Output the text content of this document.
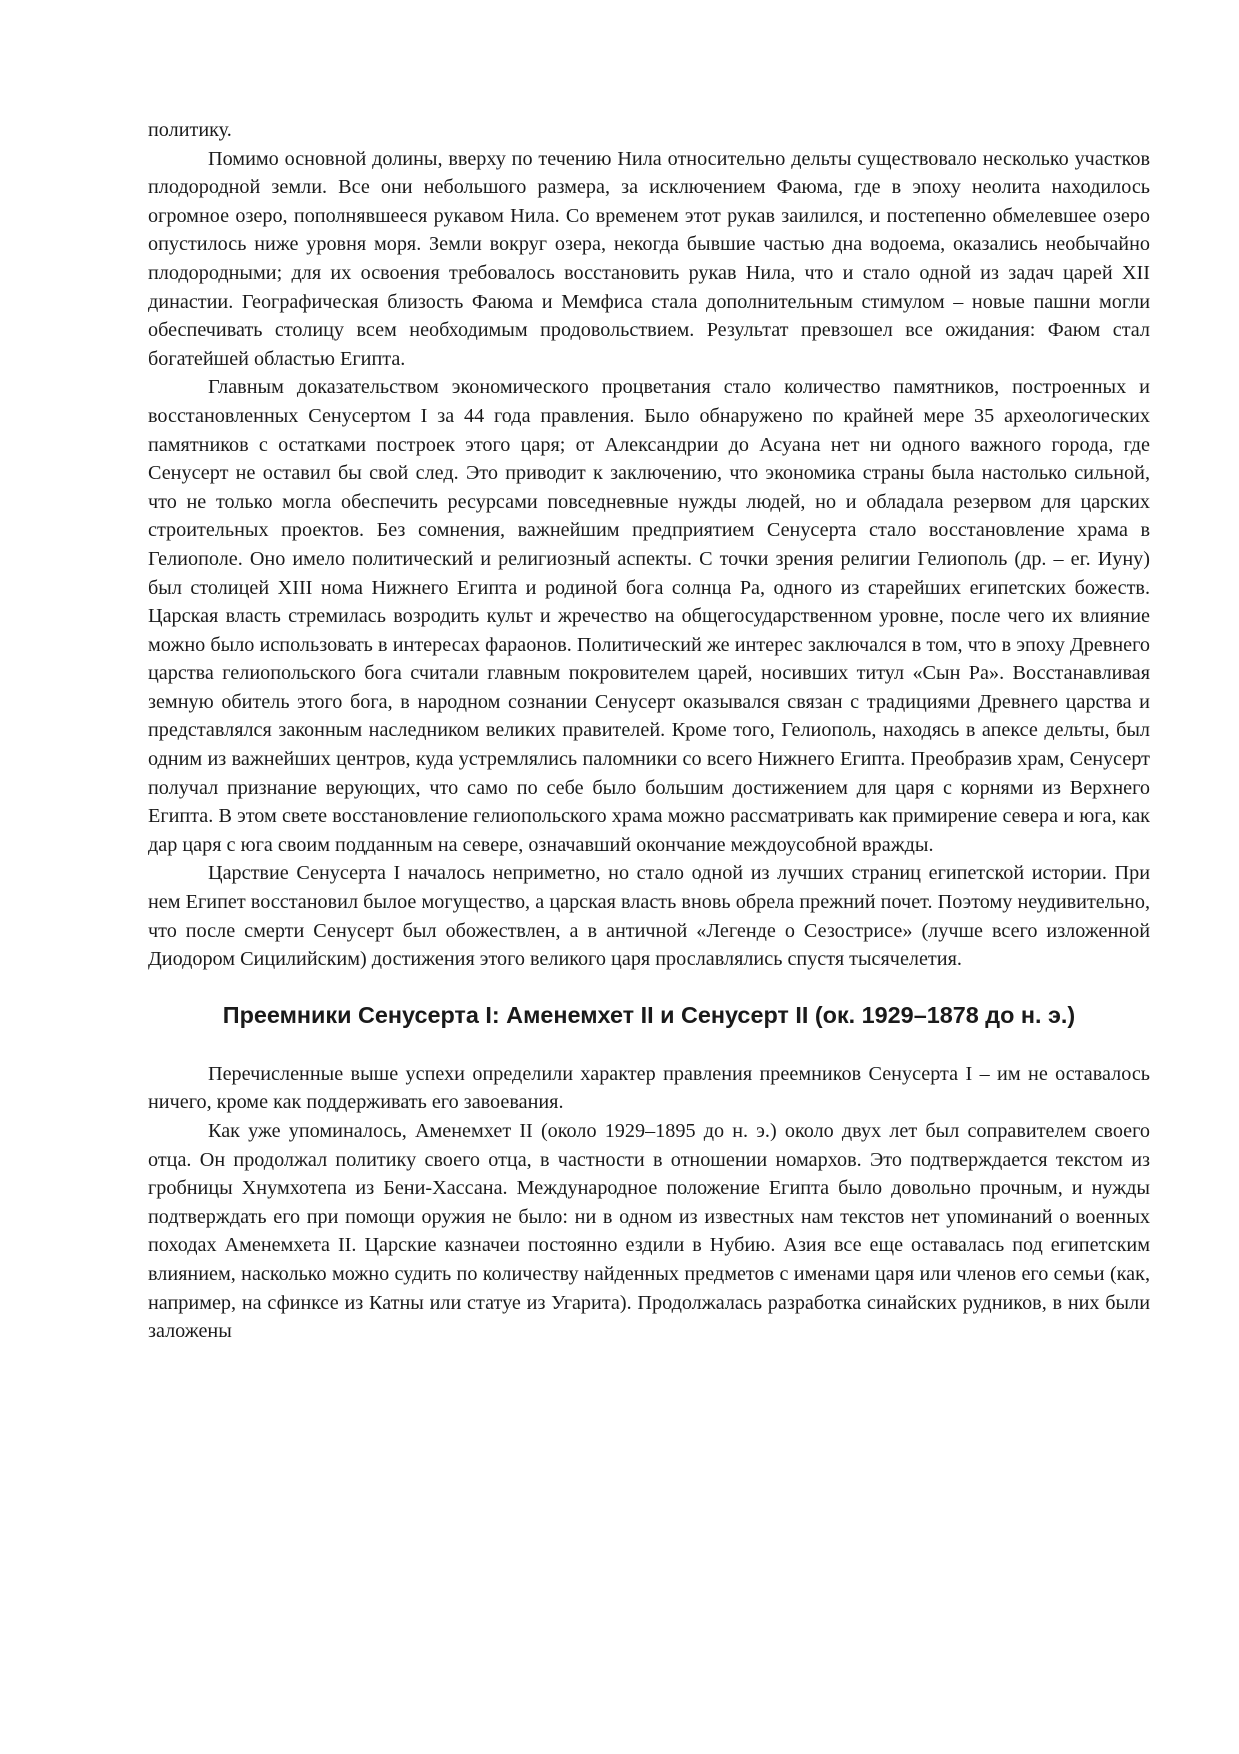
политику.

Помимо основной долины, вверху по течению Нила относительно дельты существовало несколько участков плодородной земли. Все они небольшого размера, за исключением Фаюма, где в эпоху неолита находилось огромное озеро, пополнявшееся рукавом Нила. Со временем этот рукав заилился, и постепенно обмелевшее озеро опустилось ниже уровня моря. Земли вокруг озера, некогда бывшие частью дна водоема, оказались необычайно плодородными; для их освоения требовалось восстановить рукав Нила, что и стало одной из задач царей XII династии. Географическая близость Фаюма и Мемфиса стала дополнительным стимулом – новые пашни могли обеспечивать столицу всем необходимым продовольствием. Результат превзошел все ожидания: Фаюм стал богатейшей областью Египта.

Главным доказательством экономического процветания стало количество памятников, построенных и восстановленных Сенусертом I за 44 года правления. Было обнаружено по крайней мере 35 археологических памятников с остатками построек этого царя; от Александрии до Асуана нет ни одного важного города, где Сенусерт не оставил бы свой след. Это приводит к заключению, что экономика страны была настолько сильной, что не только могла обеспечить ресурсами повседневные нужды людей, но и обладала резервом для царских строительных проектов. Без сомнения, важнейшим предприятием Сенусерта стало восстановление храма в Гелиополе. Оно имело политический и религиозный аспекты. С точки зрения религии Гелиополь (др. – ег. Иуну) был столицей XIII нома Нижнего Египта и родиной бога солнца Ра, одного из старейших египетских божеств. Царская власть стремилась возродить культ и жречество на общегосударственном уровне, после чего их влияние можно было использовать в интересах фараонов. Политический же интерес заключался в том, что в эпоху Древнего царства гелиопольского бога считали главным покровителем царей, носивших титул «Сын Ра». Восстанавливая земную обитель этого бога, в народном сознании Сенусерт оказывался связан с традициями Древнего царства и представлялся законным наследником великих правителей. Кроме того, Гелиополь, находясь в апексе дельты, был одним из важнейших центров, куда устремлялись паломники со всего Нижнего Египта. Преобразив храм, Сенусерт получал признание верующих, что само по себе было большим достижением для царя с корнями из Верхнего Египта. В этом свете восстановление гелиопольского храма можно рассматривать как примирение севера и юга, как дар царя с юга своим подданным на севере, означавший окончание междоусобной вражды.

Царствие Сенусерта I началось неприметно, но стало одной из лучших страниц египетской истории. При нем Египет восстановил былое могущество, а царская власть вновь обрела прежний почет. Поэтому неудивительно, что после смерти Сенусерт был обожествлен, а в античной «Легенде о Сезострисе» (лучше всего изложенной Диодором Сицилийским) достижения этого великого царя прославлялись спустя тысячелетия.

Преемники Сенусерта I: Аменемхет II и Сенусерт II (ок. 1929–1878 до н. э.)

Перечисленные выше успехи определили характер правления преемников Сенусерта I – им не оставалось ничего, кроме как поддерживать его завоевания.

Как уже упоминалось, Аменемхет II (около 1929–1895 до н. э.) около двух лет был соправителем своего отца. Он продолжал политику своего отца, в частности в отношении номархов. Это подтверждается текстом из гробницы Хнумхотепа из Бени-Хассана. Международное положение Египта было довольно прочным, и нужды подтверждать его при помощи оружия не было: ни в одном из известных нам текстов нет упоминаний о военных походах Аменемхета II. Царские казначеи постоянно ездили в Нубию. Азия все еще оставалась под египетским влиянием, насколько можно судить по количеству найденных предметов с именами царя или членов его семьи (как, например, на сфинксе из Катны или статуе из Угарита). Продолжалась разработка синайских рудников, в них были заложены
